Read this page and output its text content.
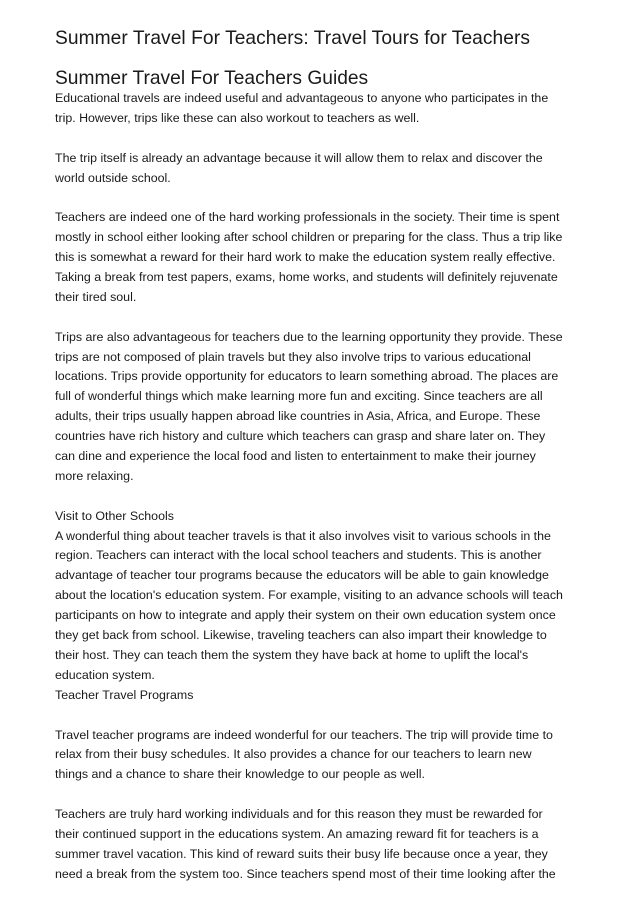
Summer Travel For Teachers: Travel Tours for Teachers
Summer Travel For Teachers Guides
Educational travels are indeed useful and advantageous to anyone who participates in the
trip. However, trips like these can also workout to teachers as well.
The trip itself is already an advantage because it will allow them to relax and discover the
world outside school.
Teachers are indeed one of the hard working professionals in the society. Their time is spent
mostly in school either looking after school children or preparing for the class. Thus a trip like
this is somewhat a reward for their hard work to make the education system really effective.
Taking a break from test papers, exams, home works, and students will definitely rejuvenate
their tired soul.
Trips are also advantageous for teachers due to the learning opportunity they provide. These
trips are not composed of plain travels but they also involve trips to various educational
locations. Trips provide opportunity for educators to learn something abroad. The places are
full of wonderful things which make learning more fun and exciting. Since teachers are all
adults, their trips usually happen abroad like countries in Asia, Africa, and Europe. These
countries have rich history and culture which teachers can grasp and share later on. They
can dine and experience the local food and listen to entertainment to make their journey
more relaxing.
Visit to Other Schools
A wonderful thing about teacher travels is that it also involves visit to various schools in the
region. Teachers can interact with the local school teachers and students. This is another
advantage of teacher tour programs because the educators will be able to gain knowledge
about the location's education system. For example, visiting to an advance schools will teach
participants on how to integrate and apply their system on their own education system once
they get back from school. Likewise, traveling teachers can also impart their knowledge to
their host. They can teach them the system they have back at home to uplift the local's
education system.
Teacher Travel Programs
Travel teacher programs are indeed wonderful for our teachers. The trip will provide time to
relax from their busy schedules. It also provides a chance for our teachers to learn new
things and a chance to share their knowledge to our people as well.
Teachers are truly hard working individuals and for this reason they must be rewarded for
their continued support in the educations system. An amazing reward fit for teachers is a
summer travel vacation. This kind of reward suits their busy life because once a year, they
need a break from the system too. Since teachers spend most of their time looking after the
